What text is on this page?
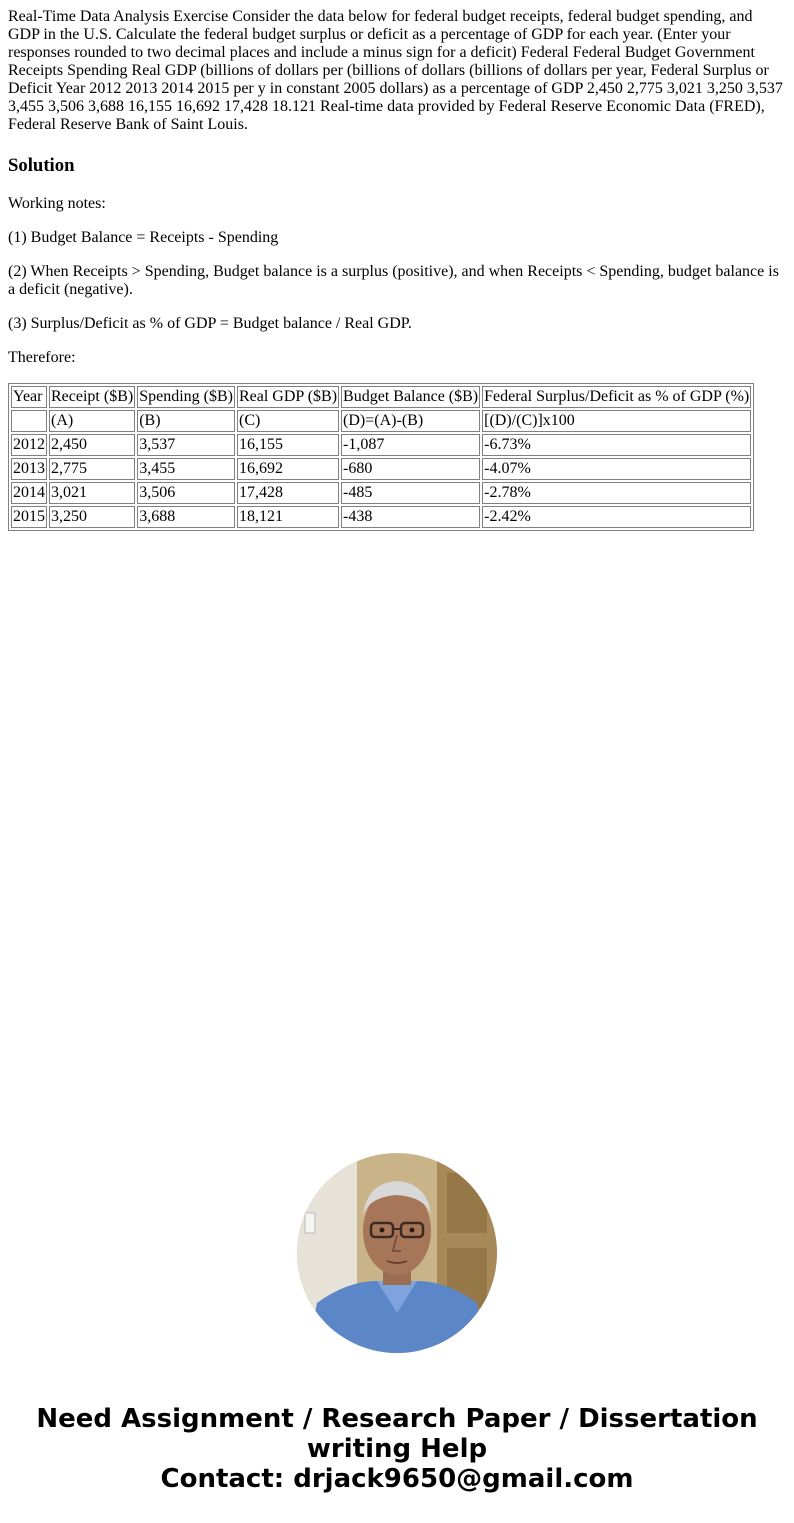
Real-Time Data Analysis Exercise Consider the data below for federal budget receipts, federal budget spending, and GDP in the U.S. Calculate the federal budget surplus or deficit as a percentage of GDP for each year. (Enter your responses rounded to two decimal places and include a minus sign for a deficit) Federal Federal Budget Government Receipts Spending Real GDP (billions of dollars per (billions of dollars (billions of dollars per year, Federal Surplus or Deficit Year 2012 2013 2014 2015 per y in constant 2005 dollars) as a percentage of GDP 2,450 2,775 3,021 3,250 3,537 3,455 3,506 3,688 16,155 16,692 17,428 18.121 Real-time data provided by Federal Reserve Economic Data (FRED), Federal Reserve Bank of Saint Louis.

Solution

Working notes:

(1) Budget Balance = Receipts - Spending

(2) When Receipts > Spending, Budget balance is a surplus (positive), and when Receipts < Spending, budget balance is a deficit (negative).

(3) Surplus/Deficit as % of GDP = Budget balance / Real GDP.

Therefore:

Year	Receipt ($B)	Spending ($B)	Real GDP ($B)	Budget Balance ($B)	Federal Surplus/Deficit as % of GDP (%)
	(A)	(B)	(C)	(D)=(A)-(B)	[(D)/(C)]x100
2012	2,450	3,537	16,155	-1,087	-6.73%
2013	2,775	3,455	16,692	-680	-4.07%
2014	3,021	3,506	17,428	-485	-2.78%
2015	3,250	3,688	18,121	-438	-2.42%
Need Assignment / Research Paper / Dissertation
writing Help
Contact: drjack9650@gmail.com
